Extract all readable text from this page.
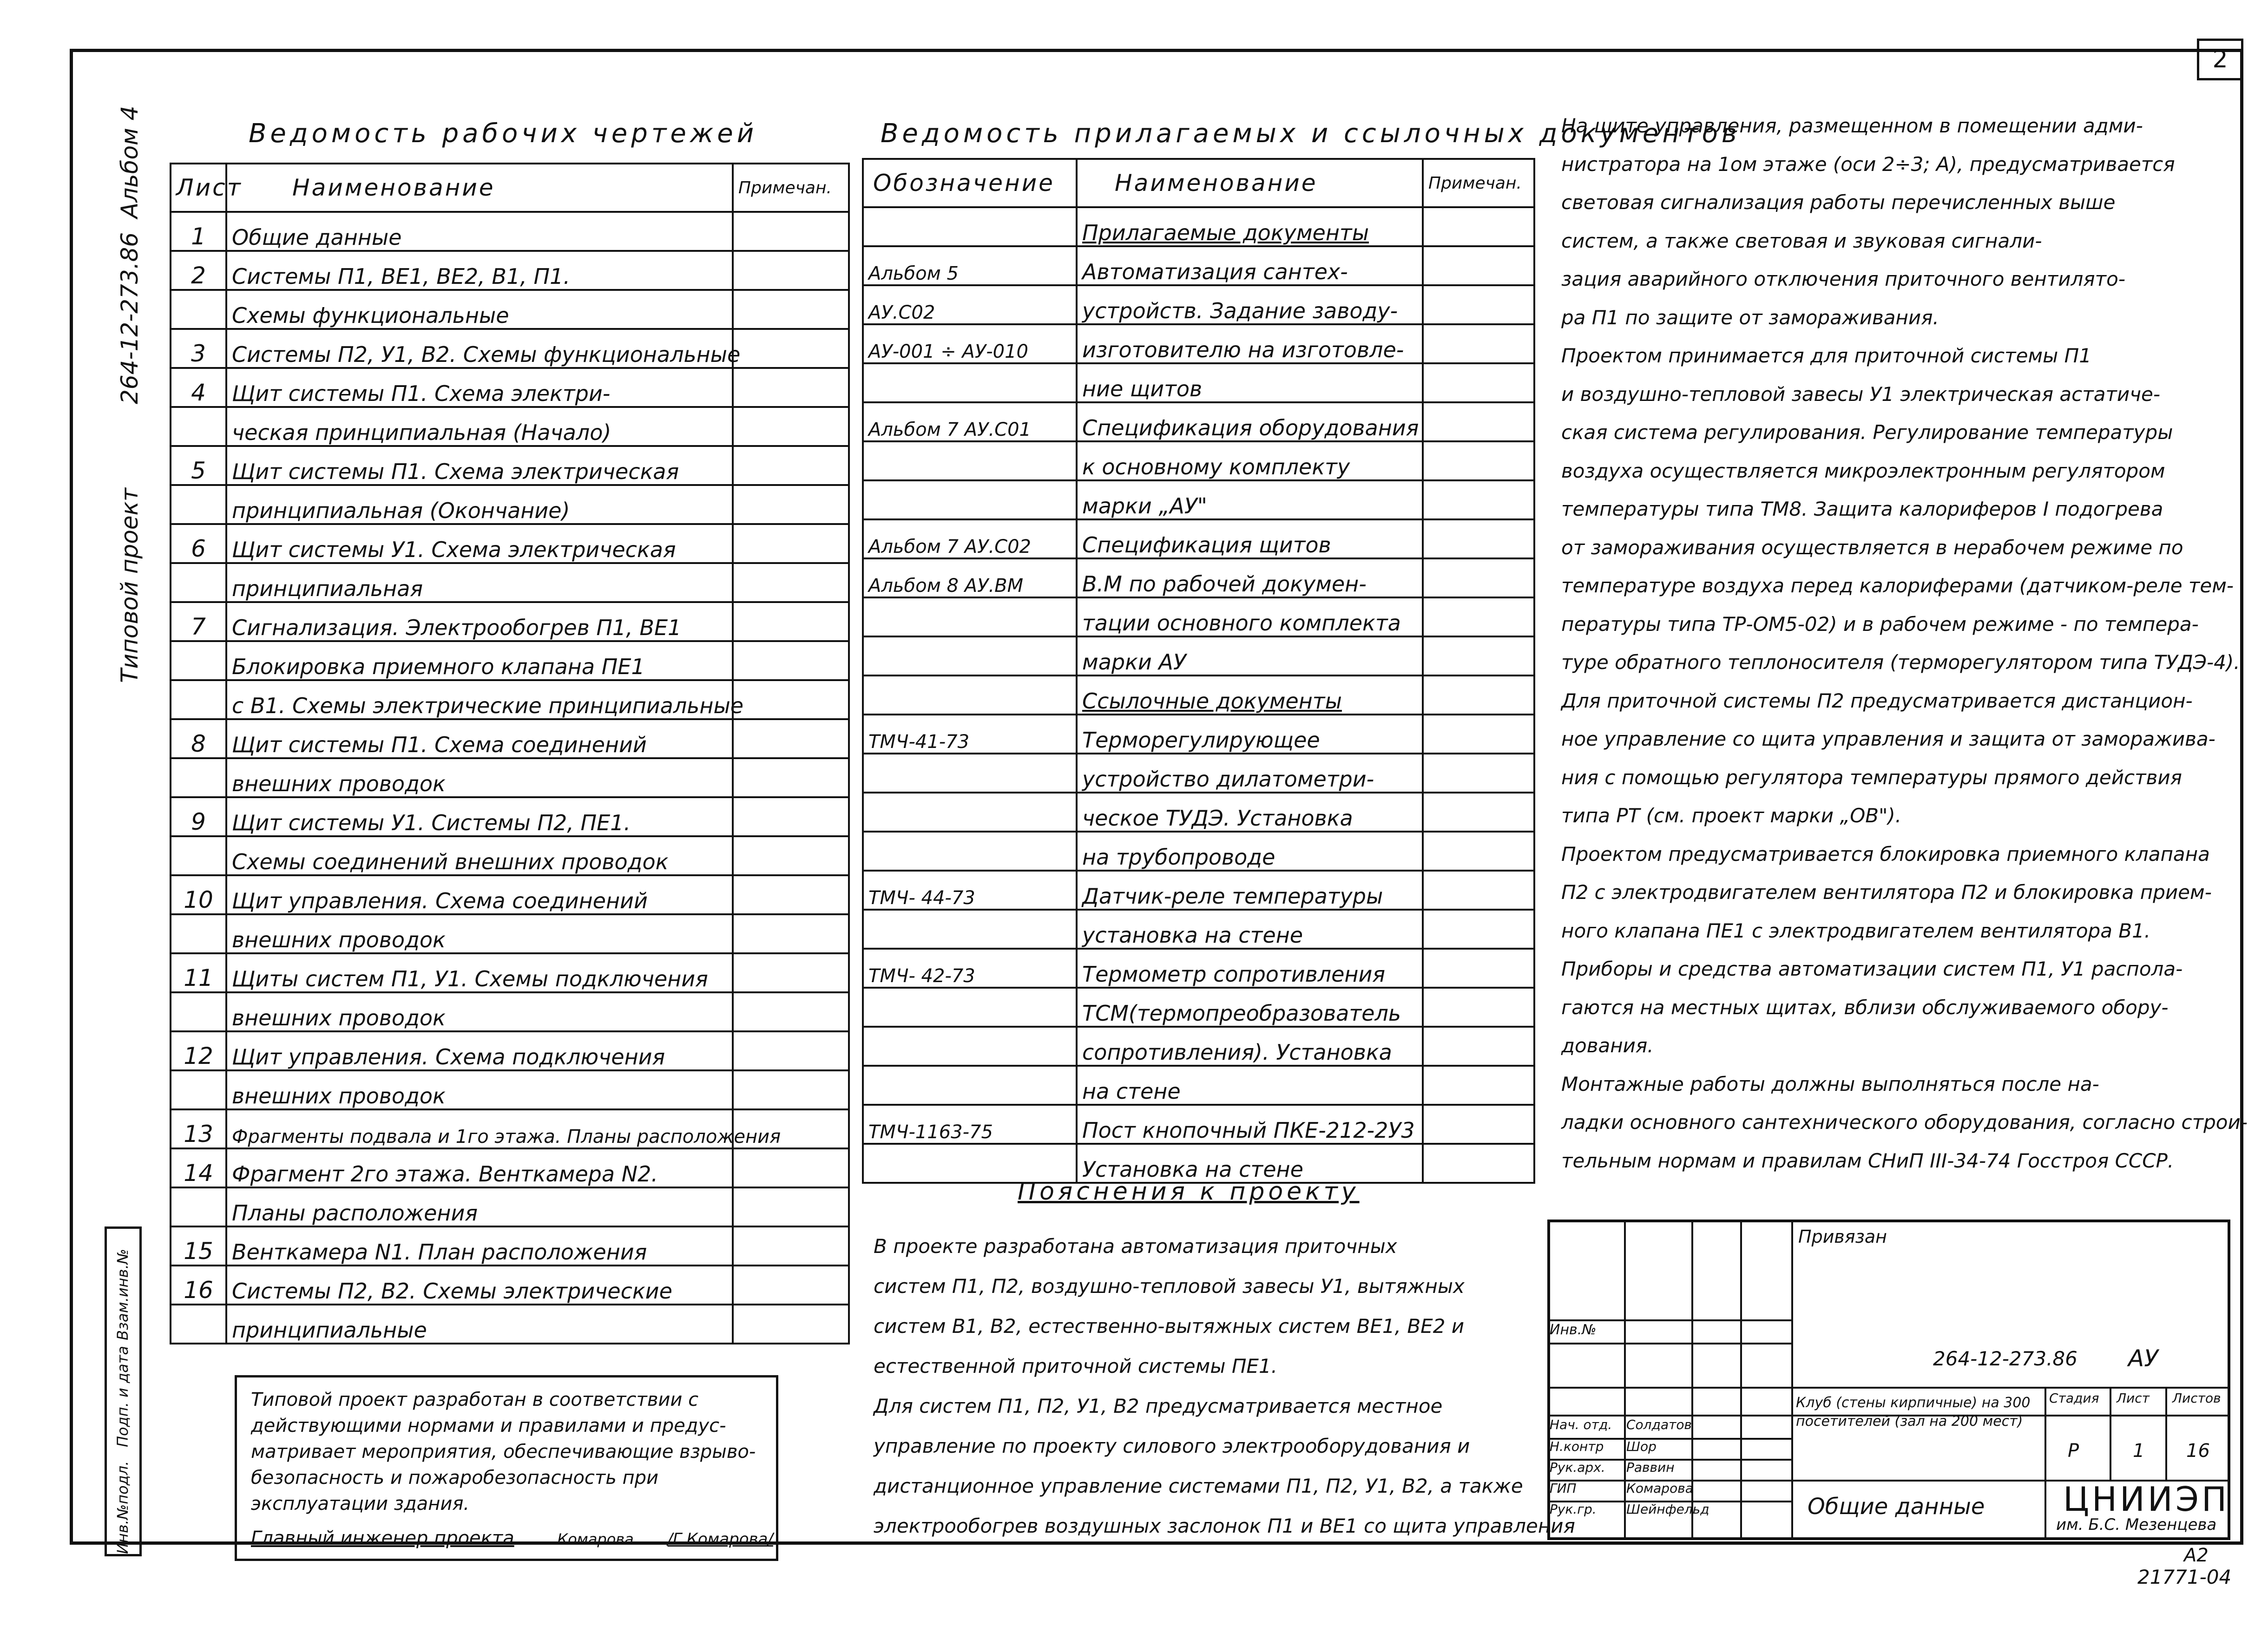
2
Типовой проект
264-12-273.86
Альбом 4
Инв.№подл.
Подп. и дата
Взам.инв.№
Ведомость рабочих чертежей
Лист	Наименование	Примечан.
1	Общие данные	
2	Системы П1, ВЕ1, ВЕ2, В1, П1.	
	Схемы функциональные	
3	Системы П2, У1, В2. Схемы функциональные	
4	Щит системы П1. Схема электри-	
	ческая принципиальная (Начало)	
5	Щит системы П1. Схема электрическая	
	принципиальная (Окончание)	
6	Щит системы У1. Схема электрическая	
	принципиальная	
7	Сигнализация. Электрообогрев П1, ВЕ1	
	Блокировка приемного клапана ПЕ1	
	с В1. Схемы электрические принципиальные	
8	Щит системы П1. Схема соединений	
	внешних проводок	
9	Щит системы У1. Системы П2, ПЕ1.	
	Схемы соединений внешних проводок	
10	Щит управления. Схема соединений	
	внешних проводок	
11	Щиты систем П1, У1. Схемы подключения	
	внешних проводок	
12	Щит управления. Схема подключения	
	внешних проводок	
13	Фрагменты подвала и 1го этажа. Планы расположения	
14	Фрагмент 2го этажа. Венткамера N2.	
	Планы расположения	
15	Венткамера N1. План расположения	
16	Системы П2, В2. Схемы электрические	
	принципиальные	
Ведомость прилагаемых и ссылочных документов
Обозначение	Наименование	Примечан.
	Прилагаемые документы	
Альбом 5	Автоматизация сантех-	
АУ.С02	устройств. Задание заводу-	
АУ-001 ÷ АУ-010	изготовителю на изготовле-	
	ние щитов	
Альбом 7 АУ.С01	Спецификация оборудования	
	к основному комплекту	
	марки „АУ"	
Альбом 7 АУ.С02	Спецификация щитов	
Альбом 8 АУ.ВМ	В.М по рабочей докумен-	
	тации основного комплекта	
	марки АУ	
	Ссылочные документы	
ТМЧ-41-73	Терморегулирующее	
	устройство дилатометри-	
	ческое ТУДЭ. Установка	
	на трубопроводе	
ТМЧ- 44-73	Датчик-реле температуры	
	установка на стене	
ТМЧ- 42-73	Термометр сопротивления	
	ТСМ(термопреобразователь	
	сопротивления). Установка	
	на стене	
ТМЧ-1163-75	Пост кнопочный ПКЕ-212-2У3	
	Установка на стене	
Пояснения к проекту
В проекте разработана автоматизация приточных
систем П1, П2, воздушно-тепловой завесы У1, вытяжных
систем В1, В2, естественно-вытяжных систем ВЕ1, ВЕ2 и
естественной приточной системы ПЕ1.
Для систем П1, П2, У1, В2 предусматривается местное
управление по проекту силового электрооборудования и
дистанционное управление системами П1, П2, У1, В2, а также
электрообогрев воздушных заслонок П1 и ВЕ1 со щита управления
На щите управления, размещенном в помещении адми-
нистратора на 1ом этаже (оси 2÷3; А), предусматривается
световая сигнализация работы перечисленных выше
систем, а также световая и звуковая сигнали-
зация аварийного отключения приточного вентилято-
ра П1 по защите от замораживания.
Проектом принимается для приточной системы П1
и воздушно-тепловой завесы У1 электрическая астатиче-
ская система регулирования. Регулирование температуры
воздуха осуществляется микроэлектронным регулятором
температуры типа ТМ8. Защита калориферов I подогрева
от замораживания осуществляется в нерабочем режиме по
температуре воздуха перед калориферами (датчиком-реле тем-
пературы типа ТР-ОМ5-02) и в рабочем режиме - по темпера-
туре обратного теплоносителя (терморегулятором типа ТУДЭ-4).
Для приточной системы П2 предусматривается дистанцион-
ное управление со щита управления и защита от заморажива-
ния с помощью регулятора температуры прямого действия
типа РТ (см. проект марки „ОВ").
Проектом предусматривается блокировка приемного клапана
П2 с электродвигателем вентилятора П2 и блокировка прием-
ного клапана ПЕ1 с электродвигателем вентилятора В1.
Приборы и средства автоматизации систем П1, У1 распола-
гаются на местных щитах, вблизи обслуживаемого обору-
дования.
Монтажные работы должны выполняться после на-
ладки основного сантехнического оборудования, согласно строи-
тельным нормам и правилам СНиП III-34-74 Госстроя СССР.
Типовой проект разработан в соответствии с
действующими нормами и правилами и предус-
матривает мероприятия, обеспечивающие взрыво-
безопасность и пожаробезопасность при
эксплуатации здания.
Главный инженер проекта	Комарова /Г.Комарова/
Привязан
Инв.№
264-12-273.86 АУ
Нач. отд. Солдатов
Н.контр Шор
Рук.арх. Раввин
ГИП	Комарова
Рук.гр. Шейнфельд
Клуб (стены кирпичные) на 300 посетителей (зал на 200 мест)
Стадия Лист Листов
Р	1 16
Общие данные ЦНИИЭП
им. Б.С. Мезенцева
А2
21771-04
